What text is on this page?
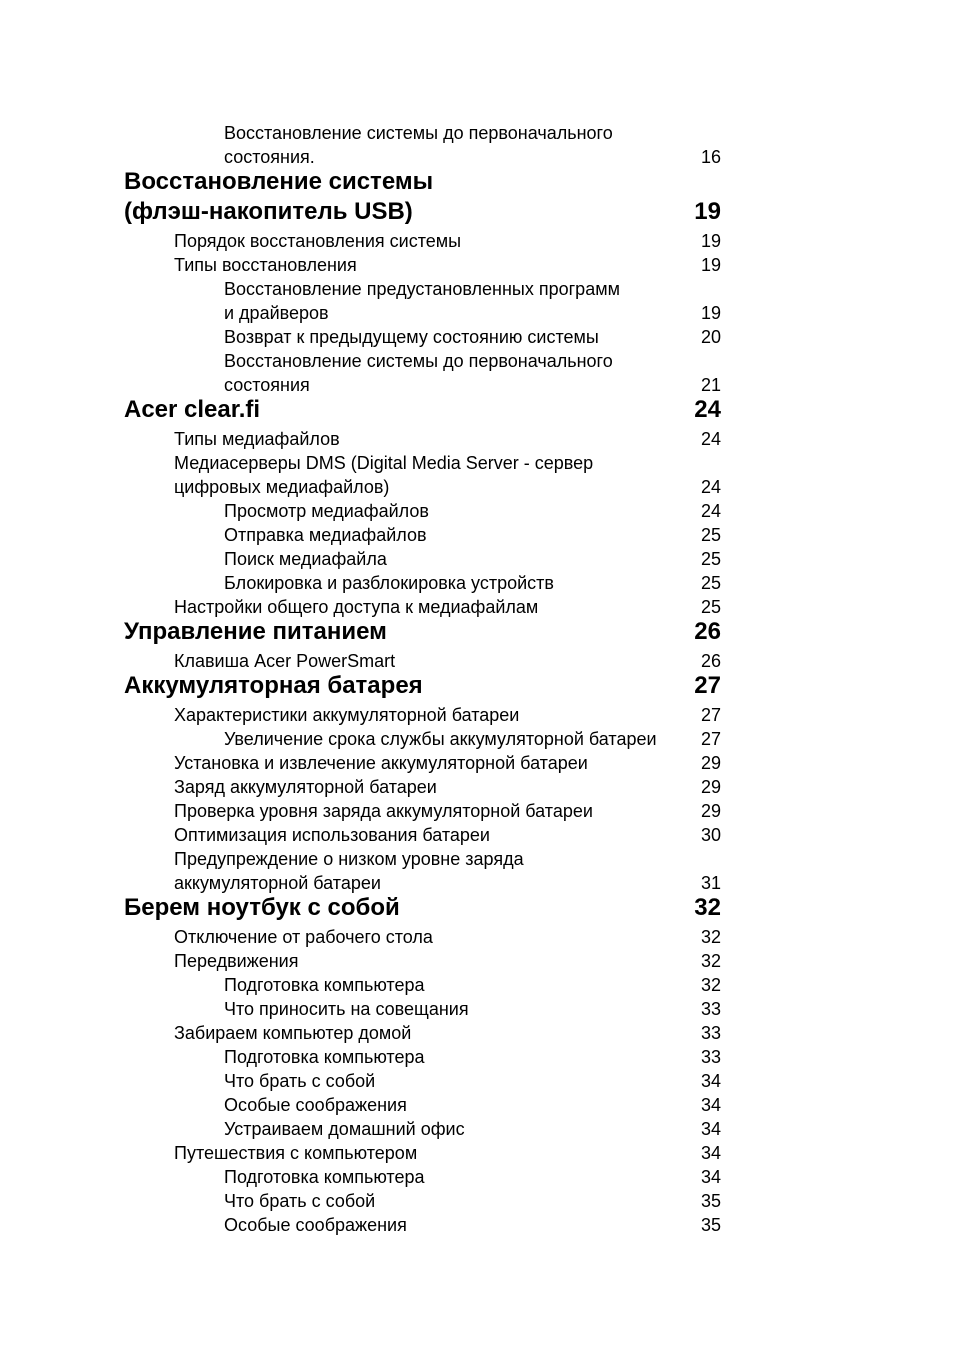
Восстановление системы до первоначального
состояния.	16
Восстановление системы
(флэш-накопитель USB)	19
Порядок восстановления системы	19
Типы восстановления	19
Восстановление предустановленных программ
и драйверов	19
Возврат к предыдущему состоянию системы	20
Восстановление системы до первоначального
состояния	21
Acer clear.fi	24
Типы медиафайлов	24
Медиасерверы DMS (Digital Media Server - сервер
цифровых медиафайлов)	24
Просмотр медиафайлов	24
Отправка медиафайлов	25
Поиск медиафайла	25
Блокировка и разблокировка устройств	25
Настройки общего доступа к медиафайлам	25
Управление питанием	26
Клавиша Acer PowerSmart	26
Аккумуляторная батарея	27
Характеристики аккумуляторной батареи	27
Увеличение срока службы аккумуляторной батареи 27
Установка и извлечение аккумуляторной батареи	29
Заряд аккумуляторной батареи	29
Проверка уровня заряда аккумуляторной батареи	29
Оптимизация использования батареи	30
Предупреждение о низком уровне заряда
аккумуляторной батареи	31
Берем ноутбук с собой	32
Отключение от рабочего стола	32
Передвижения	32
Подготовка компьютера	32
Что приносить на совещания	33
Забираем компьютер домой	33
Подготовка компьютера	33
Что брать с собой	34
Особые соображения	34
Устраиваем домашний офис	34
Путешествия с компьютером	34
Подготовка компьютера	34
Что брать с собой	35
Особые соображения	35
